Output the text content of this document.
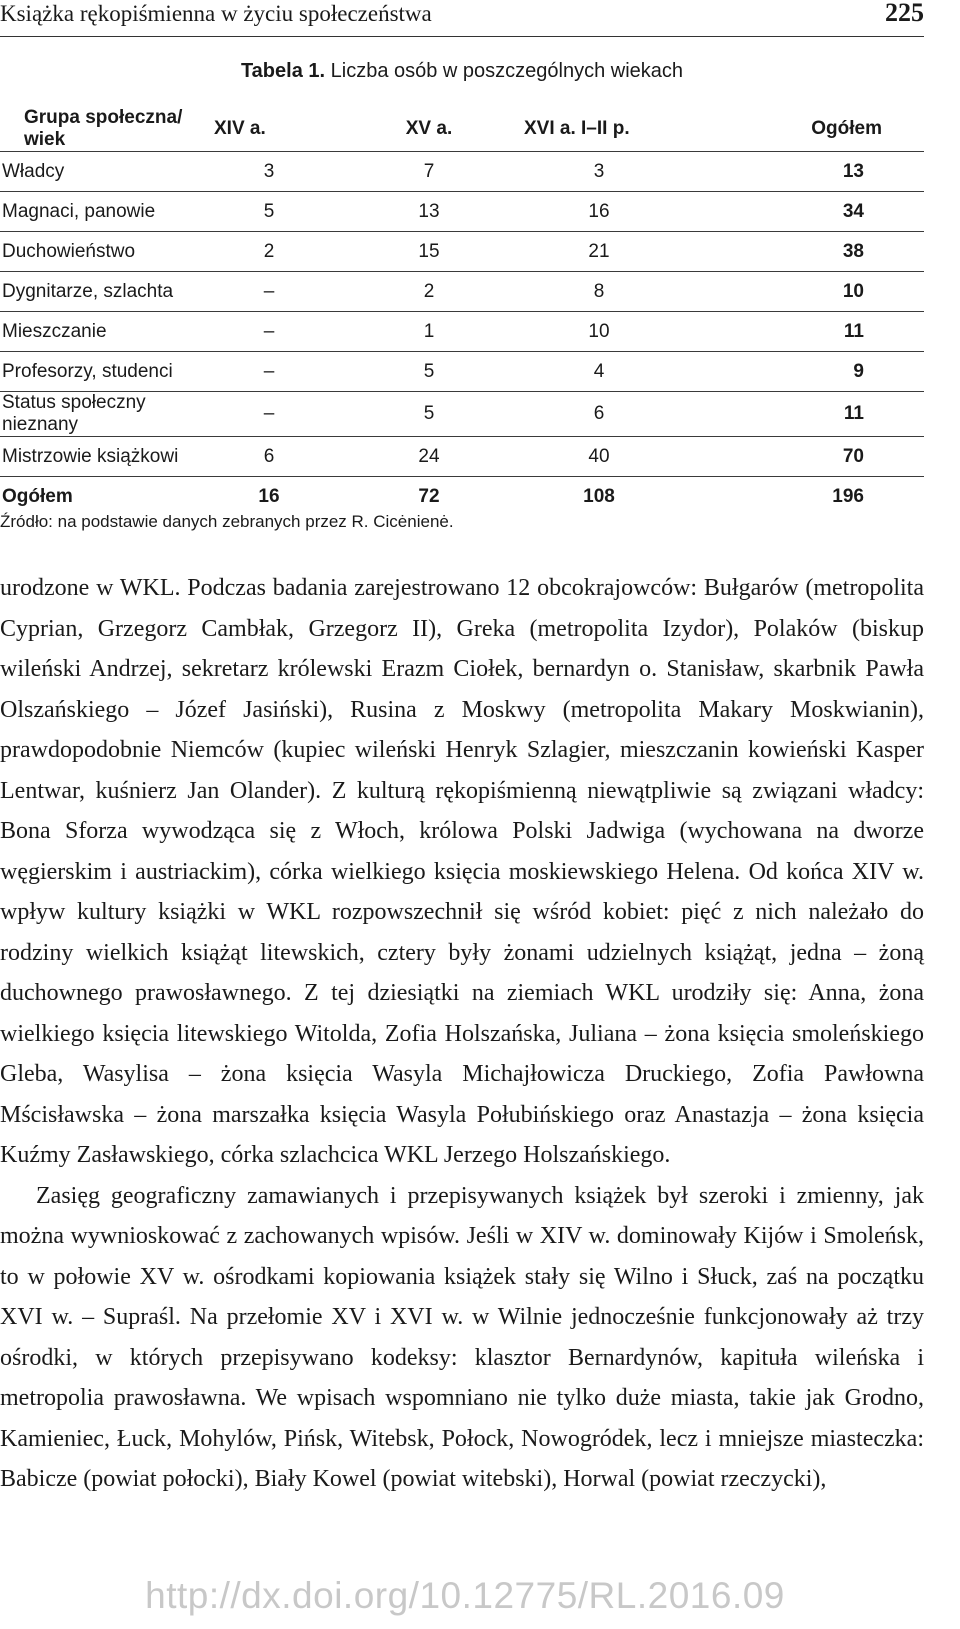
Książka rękopiśmienna w życiu społeczeństwa	225
Tabela 1. Liczba osób w poszczególnych wiekach
Grupa społeczna/ wiek	XIV a.	XV a.	XVI a. I–II p.	Ogółem
Władcy	3	7	3	13
Magnaci, panowie	5	13	16	34
Duchowieństwo	2	15	21	38
Dygnitarze, szlachta	–	2	8	10
Mieszczanie	–	1	10	11
Profesorzy, studenci	–	5	4	9
Status społeczny nieznany	–	5	6	11
Mistrzowie książkowi	6	24	40	70
Ogółem	16	72	108	196
Źródło: na podstawie danych zebranych przez R. Cicėnienė.

urodzone w WKL. Podczas badania zarejestrowano 12 obcokrajowców: Bułgarów (metropolita Cyprian, Grzegorz Cambłak, Grzegorz II), Greka (metropolita Izydor), Polaków (biskup wileński Andrzej, sekretarz królewski Erazm Ciołek, bernardyn o. Stanisław, skarbnik Pawła Olszańskiego – Józef Jasiński), Rusina z Moskwy (metropolita Makary Moskwianin), prawdopodobnie Niemców (kupiec wileński Henryk Szlagier, mieszczanin kowieński Kasper Lentwar, kuśnierz Jan Olander). Z kulturą rękopiśmienną niewątpliwie są związani władcy: Bona Sforza wywodząca się z Włoch, królowa Polski Jadwiga (wychowana na dworze węgierskim i austriackim), córka wielkiego księcia moskiewskiego Helena. Od końca XIV w. wpływ kultury książki w WKL rozpowszechnił się wśród kobiet: pięć z nich należało do rodziny wielkich książąt litewskich, cztery były żonami udzielnych książąt, jedna – żoną duchownego prawosławnego. Z tej dziesiątki na ziemiach WKL urodziły się: Anna, żona wielkiego księcia litewskiego Witolda, Zofia Holszańska, Juliana – żona księcia smoleńskiego Gleba, Wasylisa – żona księcia Wasyla Michajłowicza Druckiego, Zofia Pawłowna Mścisławska – żona marszałka księcia Wasyla Połubińskiego oraz Anastazja – żona księcia Kuźmy Zasławskiego, córka szlachcica WKL Jerzego Holszańskiego.

Zasięg geograficzny zamawianych i przepisywanych książek był szeroki i zmienny, jak można wywnioskować z zachowanych wpisów. Jeśli w XIV w. dominowały Kijów i Smoleńsk, to w połowie XV w. ośrodkami kopiowania książek stały się Wilno i Słuck, zaś na początku XVI w. – Supraśl. Na przełomie XV i XVI w. w Wilnie jednocześnie funkcjonowały aż trzy ośrodki, w których przepisywano kodeksy: klasztor Bernardynów, kapituła wileńska i metropolia prawosławna. We wpisach wspomniano nie tylko duże miasta, takie jak Grodno, Kamieniec, Łuck, Mohylów, Pińsk, Witebsk, Połock, Nowogródek, lecz i mniejsze miasteczka: Babicze (powiat połocki), Biały Kowel (powiat witebski), Horwal (powiat rzeczycki),

http://dx.doi.org/10.12775/RL.2016.09
